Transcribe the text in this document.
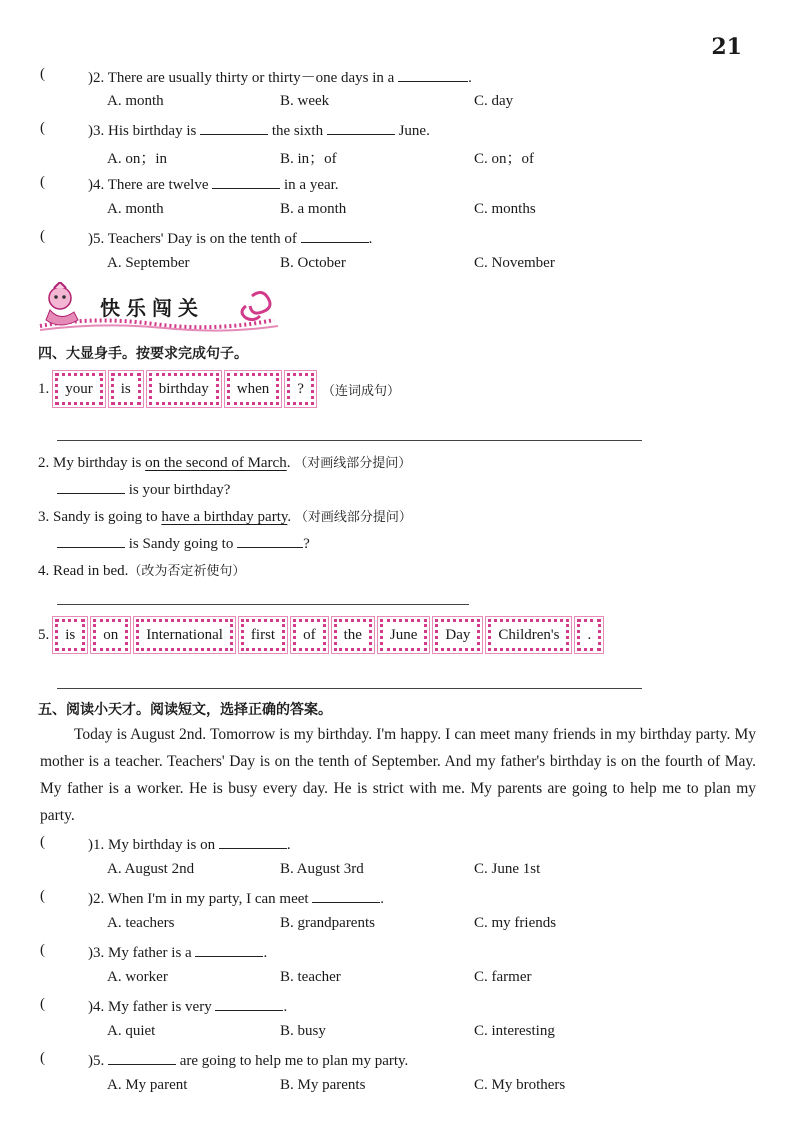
21
(	)2. There are usually thirty or thirty－one days in a	.
A. month	B. week	C. day
(	)3. His birthday is	the sixth	June.
A. on；in	B. in；of	C. on；of
(	)4. There are twelve	in a year.
A. month	B. a month	C. months
(	)5. Teachers' Day is on the tenth of	.
A. September	B. October	C. November
快乐闯关
四、大显身手。按要求完成句子。
1.	your	is	birthday	when	?	（连词成句）
2. My birthday is on the second of March. （对画线部分提问）
is your birthday?
3. Sandy is going to have a birthday party. （对画线部分提问）
is Sandy going to	?
4. Read in bed.（改为否定祈使句）
5.	is	on	International	first	of	the	June	Day	Children's	.
五、阅读小天才。阅读短文，选择正确的答案。
Today is August 2nd. Tomorrow is my birthday. I'm happy. I can meet many friends in my birthday party. My mother is a teacher. Teachers' Day is on the tenth of September. And my father's birthday is on the fourth of May. My father is a worker. He is busy every day. He is strict with me. My parents are going to help me to plan my party.
(	)1. My birthday is on	.
A. August 2nd	B. August 3rd	C. June 1st
(	)2. When I'm in my party, I can meet	.
A. teachers	B. grandparents	C. my friends
(	)3. My father is a	.
A. worker	B. teacher	C. farmer
(	)4. My father is very	.
A. quiet	B. busy	C. interesting
(	)5.	are going to help me to plan my party.
A. My parent	B. My parents	C. My brothers
